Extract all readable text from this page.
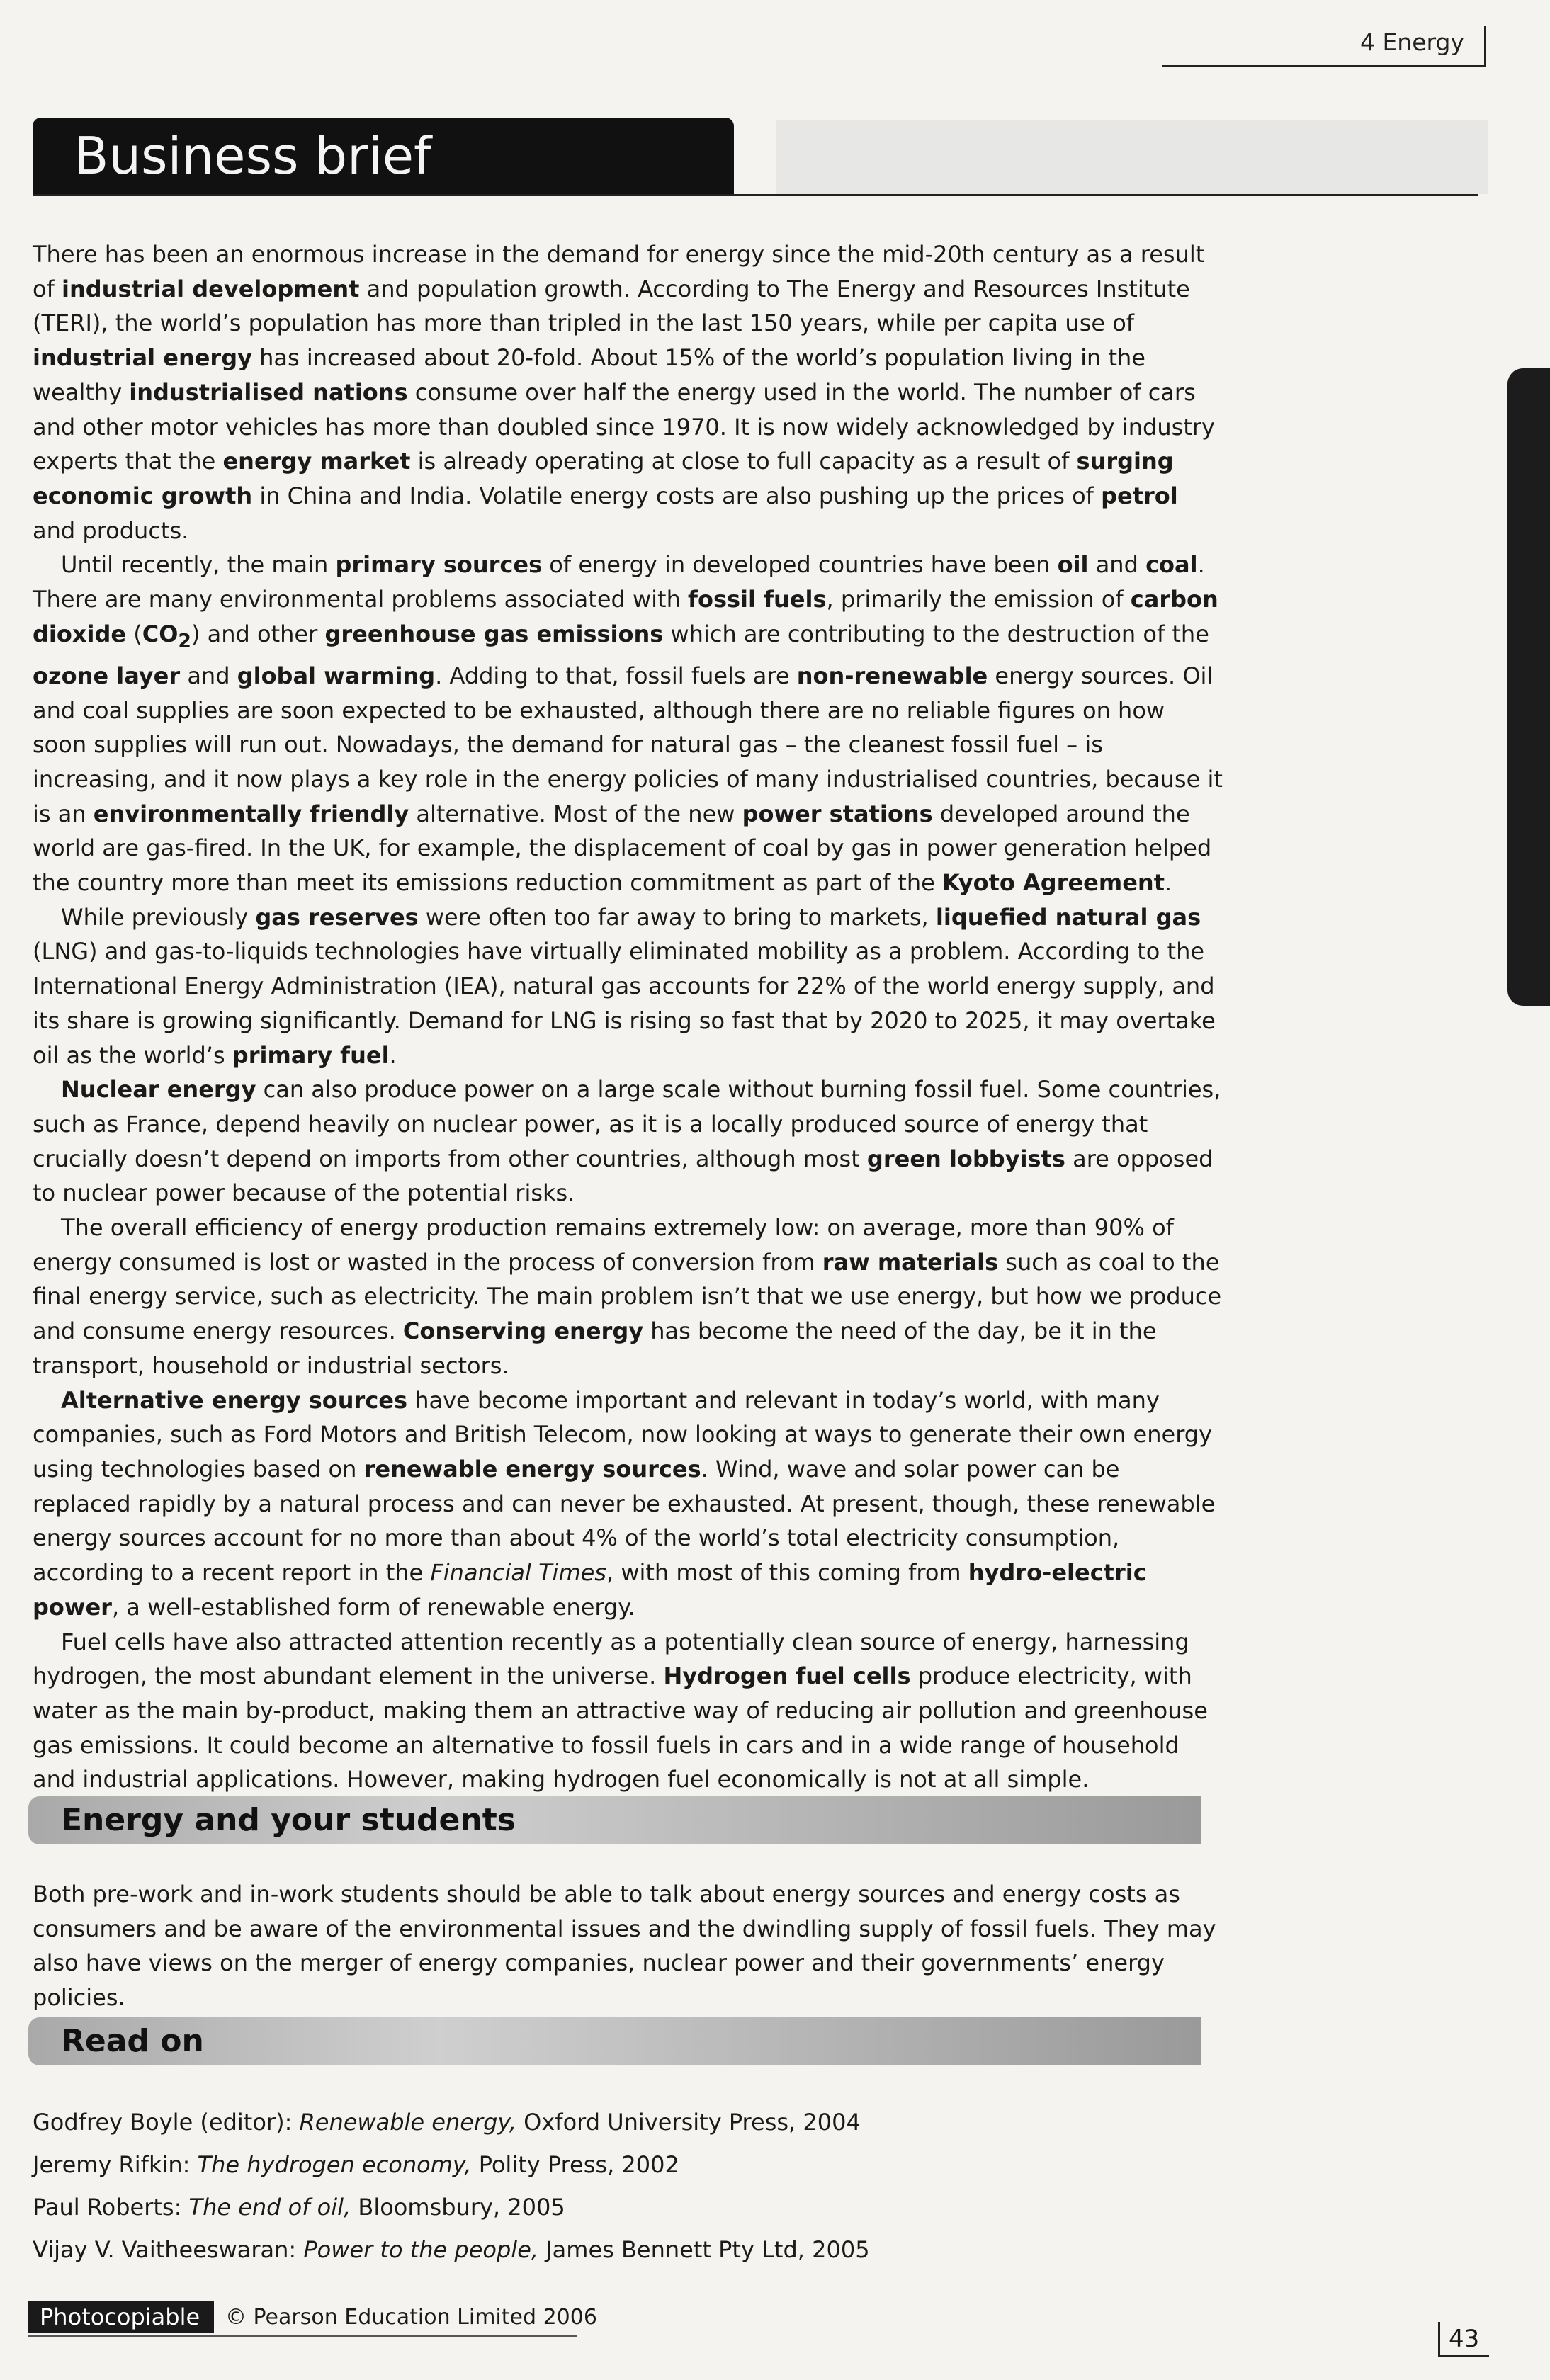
4 Energy
Business brief

There has been an enormous increase in the demand for energy since the mid-20th century as a result of industrial development and population growth. According to The Energy and Resources Institute (TERI), the world’s population has more than tripled in the last 150 years, while per capita use of industrial energy has increased about 20-fold. About 15% of the world’s population living in the wealthy industrialised nations consume over half the energy used in the world. The number of cars and other motor vehicles has more than doubled since 1970. It is now widely acknowledged by industry experts that the energy market is already operating at close to full capacity as a result of surging economic growth in China and India. Volatile energy costs are also pushing up the prices of petrol and products.

Until recently, the main primary sources of energy in developed countries have been oil and coal. There are many environmental problems associated with fossil fuels, primarily the emission of carbon dioxide $(CO_2)$ and other greenhouse gas emissions which are contributing to the destruction of the ozone layer and global warming. Adding to that, fossil fuels are non-renewable energy sources. Oil and coal supplies are soon expected to be exhausted, although there are no reliable figures on how soon supplies will run out. Nowadays, the demand for natural gas – the cleanest fossil fuel – is increasing, and it now plays a key role in the energy policies of many industrialised countries, because it is an environmentally friendly alternative. Most of the new power stations developed around the world are gas-fired. In the UK, for example, the displacement of coal by gas in power generation helped the country more than meet its emissions reduction commitment as part of the Kyoto Agreement.

While previously gas reserves were often too far away to bring to markets, liquefied natural gas (LNG) and gas-to-liquids technologies have virtually eliminated mobility as a problem. According to the International Energy Administration (IEA), natural gas accounts for 22% of the world energy supply, and its share is growing significantly. Demand for LNG is rising so fast that by 2020 to 2025, it may overtake oil as the world’s primary fuel.

Nuclear energy can also produce power on a large scale without burning fossil fuel. Some countries, such as France, depend heavily on nuclear power, as it is a locally produced source of energy that crucially doesn’t depend on imports from other countries, although most green lobbyists are opposed to nuclear power because of the potential risks.

The overall efficiency of energy production remains extremely low: on average, more than 90% of energy consumed is lost or wasted in the process of conversion from raw materials such as coal to the final energy service, such as electricity. The main problem isn’t that we use energy, but how we produce and consume energy resources. Conserving energy has become the need of the day, be it in the transport, household or industrial sectors.

Alternative energy sources have become important and relevant in today’s world, with many companies, such as Ford Motors and British Telecom, now looking at ways to generate their own energy using technologies based on renewable energy sources. Wind, wave and solar power can be replaced rapidly by a natural process and can never be exhausted. At present, though, these renewable energy sources account for no more than about 4% of the world’s total electricity consumption, according to a recent report in the Financial Times, with most of this coming from hydro-electric power, a well-established form of renewable energy.

Fuel cells have also attracted attention recently as a potentially clean source of energy, harnessing hydrogen, the most abundant element in the universe. Hydrogen fuel cells produce electricity, with water as the main by-product, making them an attractive way of reducing air pollution and greenhouse gas emissions. It could become an alternative to fossil fuels in cars and in a wide range of household and industrial applications. However, making hydrogen fuel economically is not at all simple.

Energy and your students

Both pre-work and in-work students should be able to talk about energy sources and energy costs as consumers and be aware of the environmental issues and the dwindling supply of fossil fuels. They may also have views on the merger of energy companies, nuclear power and their governments’ energy policies.

Read on
Godfrey Boyle (editor): Renewable energy, Oxford University Press, 2004
Jeremy Rifkin: The hydrogen economy, Polity Press, 2002
Paul Roberts: The end of oil, Bloomsbury, 2005
Vijay V. Vaitheeswaran: Power to the people, James Bennett Pty Ltd, 2005
Photocopiable	© Pearson Education Limited 2006
43
